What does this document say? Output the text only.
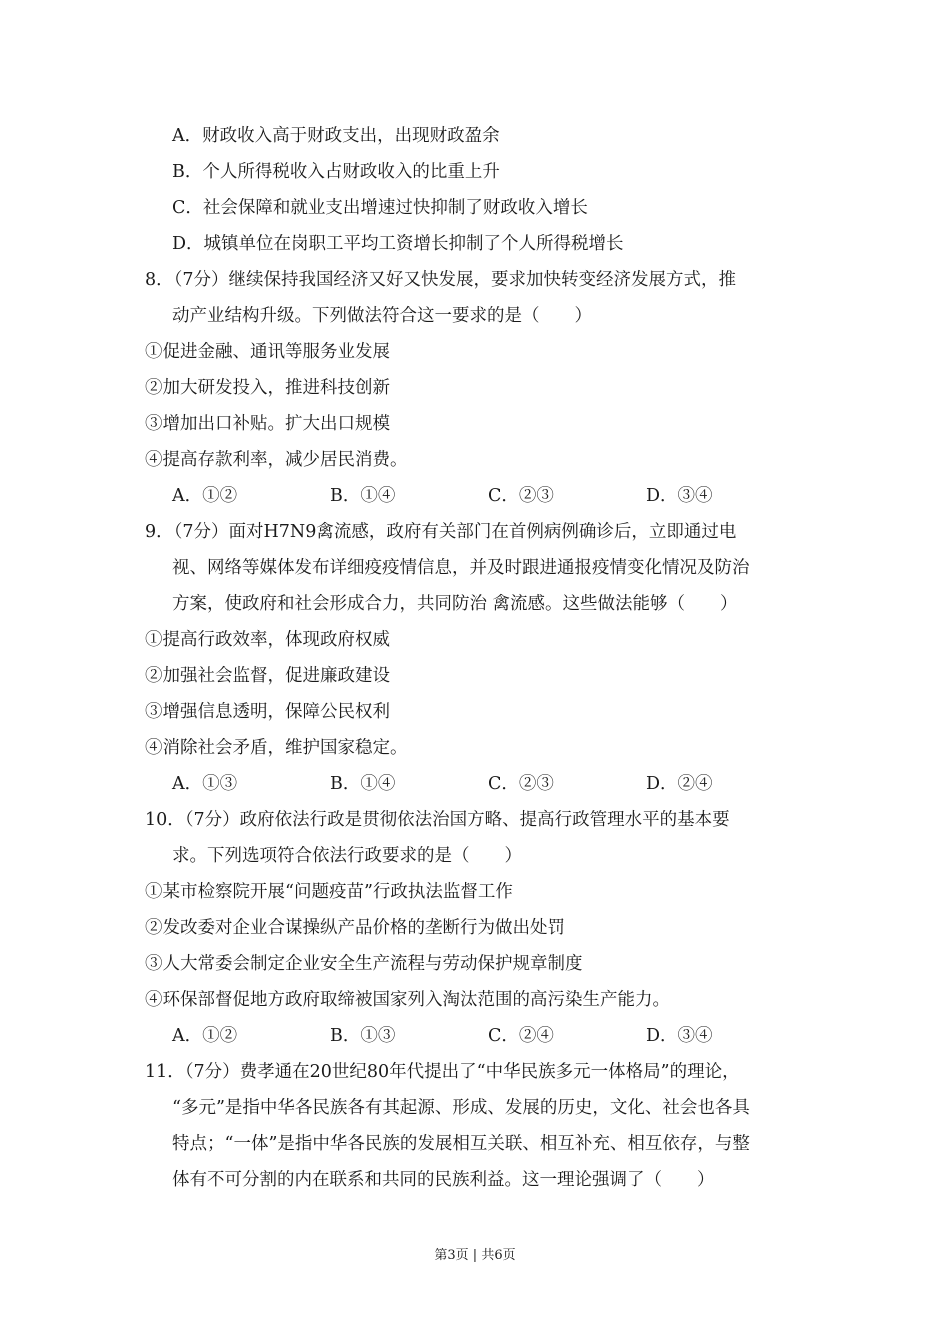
A．财政收入高于财政支出，出现财政盈余
B．个人所得税收入占财政收入的比重上升
C．社会保障和就业支出增速过快抑制了财政收入增长
D．城镇单位在岗职工平均工资增长抑制了个人所得税增长
8．（7分）继续保持我国经济又好又快发展，要求加快转变经济发展方式，推
动产业结构升级。下列做法符合这一要求的是（　　）
①促进金融、通讯等服务业发展
②加大研发投入，推进科技创新
③增加出口补贴。扩大出口规模
④提高存款利率，减少居民消费。
A．①②	B．①④	C．②③	D．③④
9．（7分）面对H7N9禽流感，政府有关部门在首例病例确诊后，立即通过电
视、网络等媒体发布详细疫疫情信息，并及时跟进通报疫情变化情况及防治
方案，使政府和社会形成合力，共同防治 禽流感。这些做法能够（　　）
①提高行政效率，体现政府权威
②加强社会监督，促进廉政建设
③增强信息透明，保障公民权利
④消除社会矛盾，维护国家稳定。
A．①③	B．①④	C．②③	D．②④
10．（7分）政府依法行政是贯彻依法治国方略、提高行政管理水平的基本要
求。下列选项符合依法行政要求的是（　　）
①某市检察院开展“问题疫苗”行政执法监督工作
②发改委对企业合谋操纵产品价格的垄断行为做出处罚
③人大常委会制定企业安全生产流程与劳动保护规章制度
④环保部督促地方政府取缔被国家列入淘汰范围的高污染生产能力。
A．①②	B．①③	C．②④	D．③④
11．（7分）费孝通在20世纪80年代提出了“中华民族多元一体格局”的理论，
“多元”是指中华各民族各有其起源、形成、发展的历史，文化、社会也各具
特点；“一体”是指中华各民族的发展相互关联、相互补充、相互依存，与整
体有不可分割的内在联系和共同的民族利益。这一理论强调了（　　）
第3页 | 共6页
